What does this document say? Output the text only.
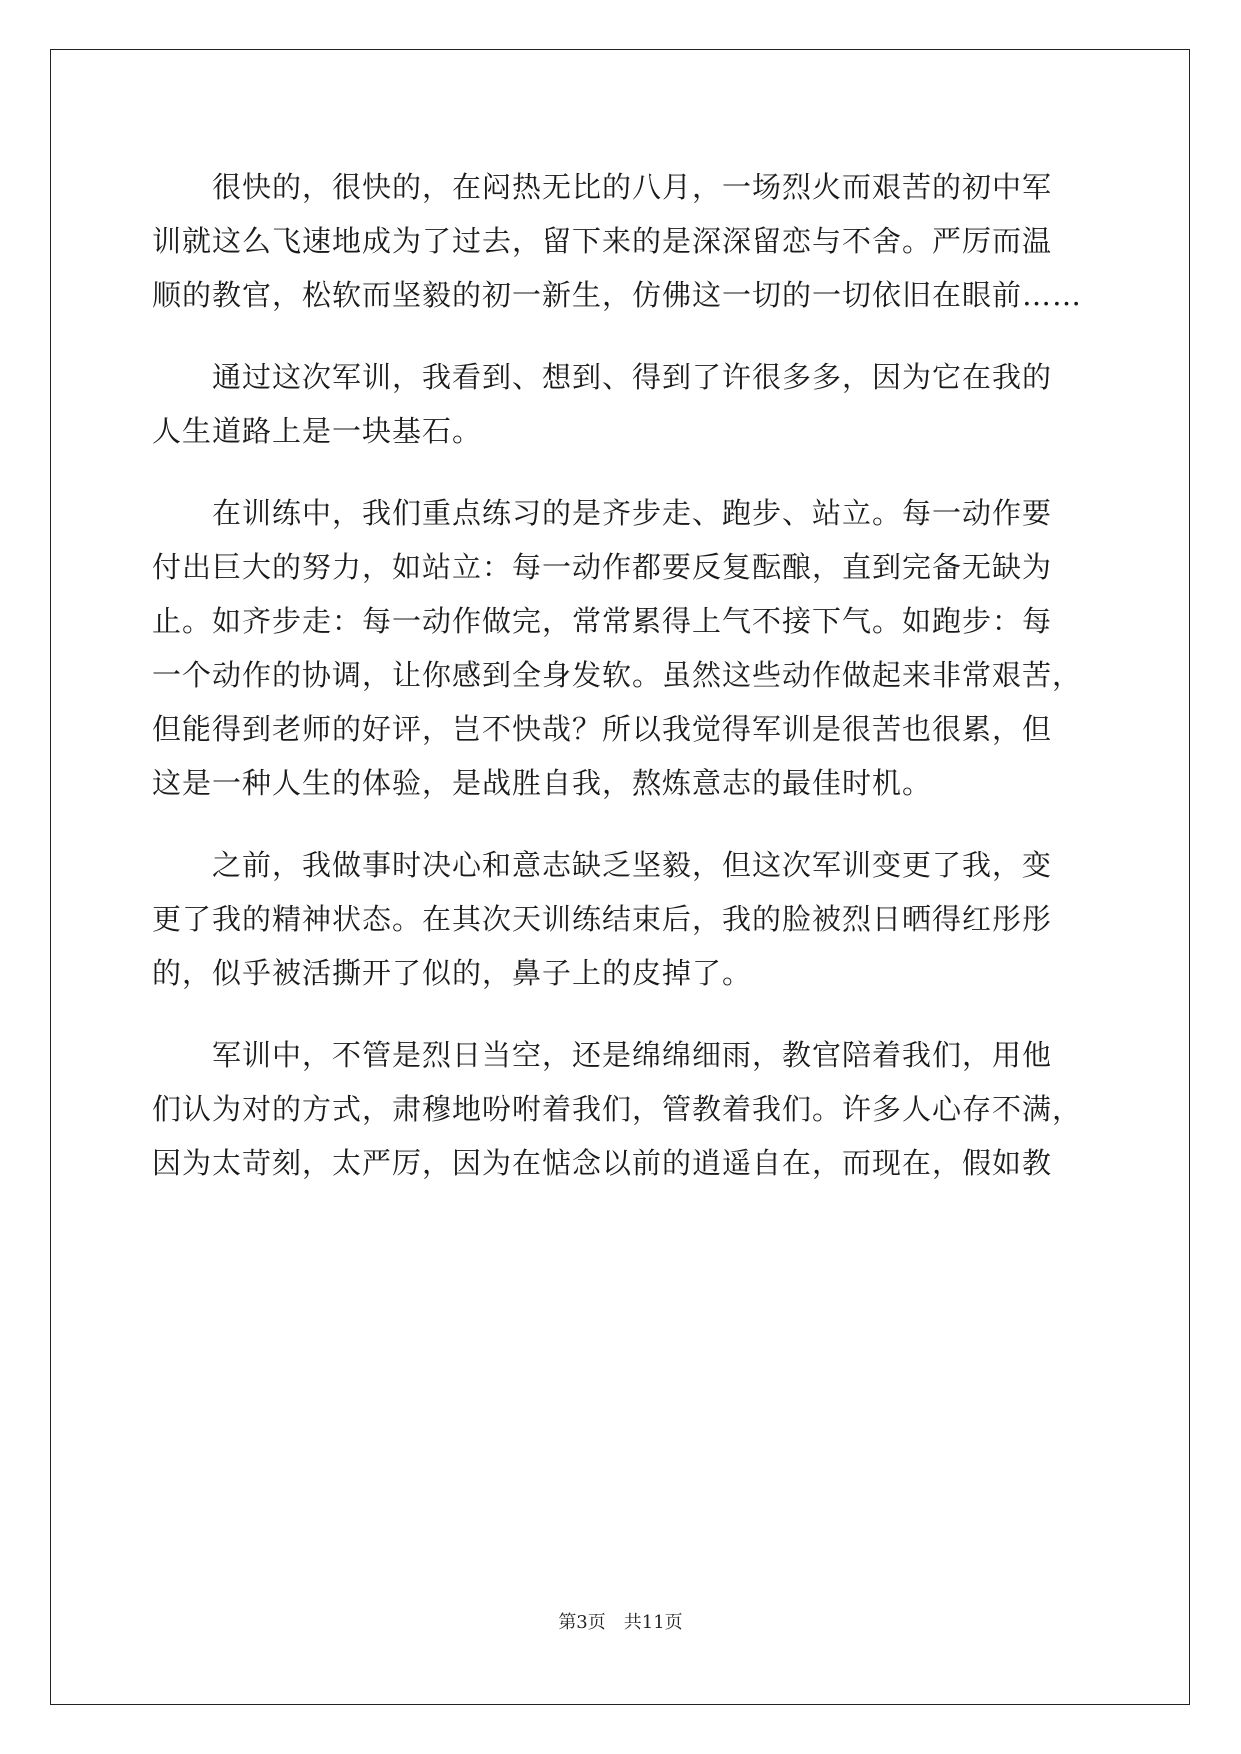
　　很快的，很快的，在闷热无比的八月，一场烈火而艰苦的初中军
训就这么飞速地成为了过去，留下来的是深深留恋与不舍。严厉而温
顺的教官，松软而坚毅的初一新生，仿佛这一切的一切依旧在眼前……
　　通过这次军训，我看到、想到、得到了许很多多，因为它在我的
人生道路上是一块基石。
　　在训练中，我们重点练习的是齐步走、跑步、站立。每一动作要
付出巨大的努力，如站立：每一动作都要反复酝酿，直到完备无缺为
止。如齐步走：每一动作做完，常常累得上气不接下气。如跑步：每
一个动作的协调，让你感到全身发软。虽然这些动作做起来非常艰苦，
但能得到老师的好评，岂不快哉？所以我觉得军训是很苦也很累，但
这是一种人生的体验，是战胜自我，熬炼意志的最佳时机。
　　之前，我做事时决心和意志缺乏坚毅，但这次军训变更了我，变
更了我的精神状态。在其次天训练结束后，我的脸被烈日晒得红彤彤
的，似乎被活撕开了似的，鼻子上的皮掉了。
　　军训中，不管是烈日当空，还是绵绵细雨，教官陪着我们，用他
们认为对的方式，肃穆地吩咐着我们，管教着我们。许多人心存不满，
因为太苛刻，太严厉，因为在惦念以前的逍遥自在，而现在，假如教
第3页　共11页
